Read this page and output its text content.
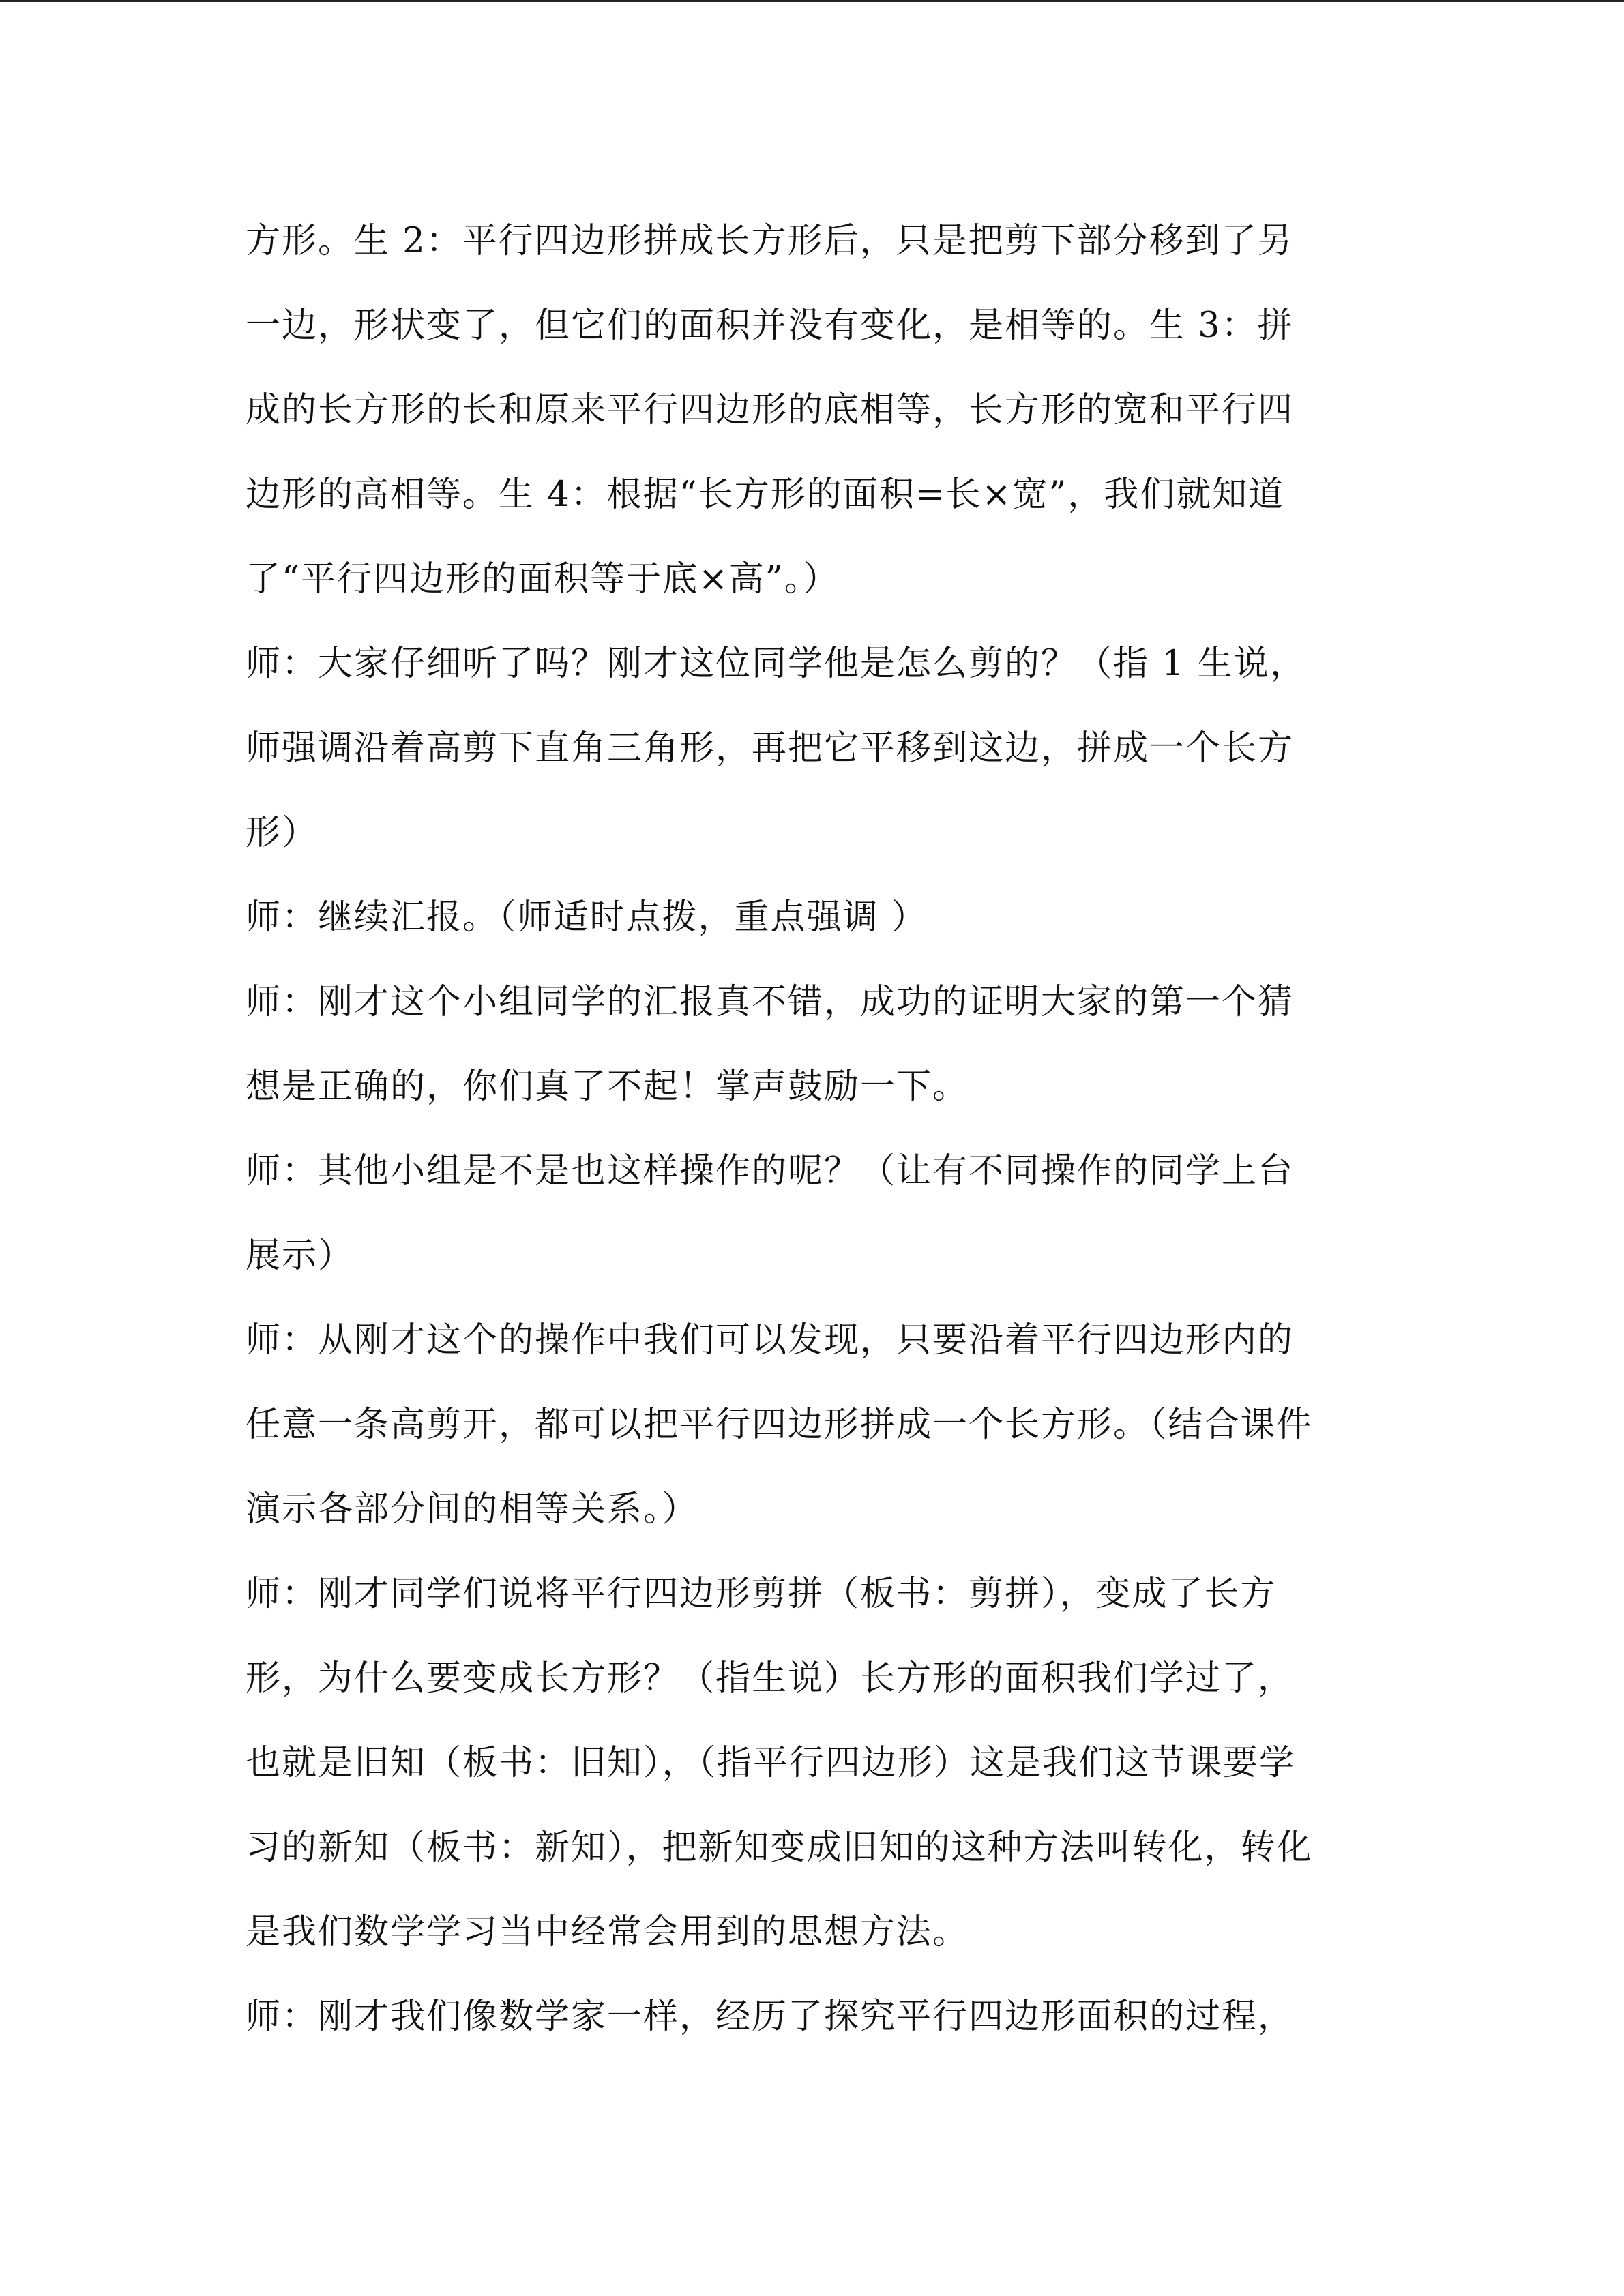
方形。生 2：平行四边形拼成长方形后，只是把剪下部分移到了另
一边，形状变了，但它们的面积并没有变化，是相等的。生 3：拼
成的长方形的长和原来平行四边形的底相等，长方形的宽和平行四
边形的高相等。生 4：根据“长方形的面积=长×宽”，我们就知道
了“平行四边形的面积等于底×高”。）
师：大家仔细听了吗？刚才这位同学他是怎么剪的？（指 1 生说，
师强调沿着高剪下直角三角形，再把它平移到这边，拼成一个长方
形）
师：继续汇报。（师适时点拨，重点强调 ）
师：刚才这个小组同学的汇报真不错，成功的证明大家的第一个猜
想是正确的，你们真了不起！掌声鼓励一下。
师：其他小组是不是也这样操作的呢？（让有不同操作的同学上台
展示）
师：从刚才这个的操作中我们可以发现，只要沿着平行四边形内的
任意一条高剪开，都可以把平行四边形拼成一个长方形。（结合课件
演示各部分间的相等关系。）
师：刚才同学们说将平行四边形剪拼（板书：剪拼），变成了长方
形，为什么要变成长方形？（指生说）长方形的面积我们学过了，
也就是旧知（板书：旧知），（指平行四边形）这是我们这节课要学
习的新知（板书：新知），把新知变成旧知的这种方法叫转化，转化
是我们数学学习当中经常会用到的思想方法。
师：刚才我们像数学家一样，经历了探究平行四边形面积的过程，
